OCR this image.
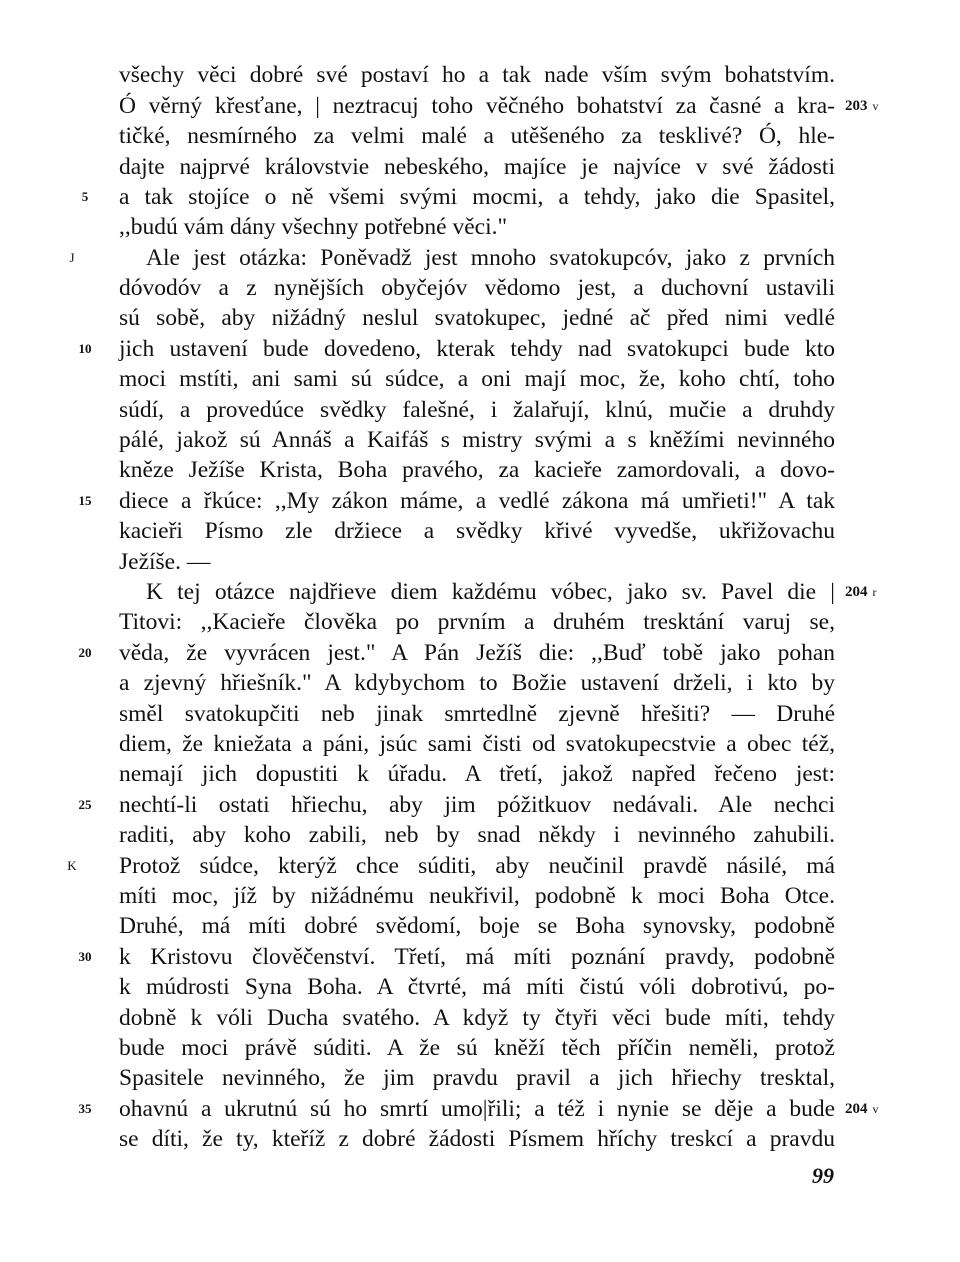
všechy věci dobré své postaví ho a tak nade vším svým bohatstvím.
Ó věrný křesťane, | neztracuj toho věčného bohatství za časné a kra-
tičké, nesmírného za velmi malé a utěšeného za tesklivé? Ó, hle-
dajte najprvé královstvie nebeského, majíce je najvíce v své žádosti
a tak stojíce o ně všemi svými mocmi, a tehdy, jako die Spasitel,
,,budú vám dány všechny potřebné věci."
Ale jest otázka: Poněvadž jest mnoho svatokupcóv, jako z prvních
dóvodóv a z nynějších obyčejóv vědomo jest, a duchovní ustavili
sú sobě, aby nižádný neslul svatokupec, jedné ač před nimi vedlé
jich ustavení bude dovedeno, kterak tehdy nad svatokupci bude kto
moci mstíti, ani sami sú súdce, a oni mají moc, že, koho chtí, toho
súdí, a provedúce svědky falešné, i žalařují, klnú, mučie a druhdy
pálé, jakož sú Annáš a Kaifáš s mistry svými a s kněžími nevinného
kněze Ježíše Krista, Boha pravého, za kacieře zamordovali, a dovo-
diece a řkúce: ,,My zákon máme, a vedlé zákona má umřieti!" A tak
kacieři Písmo zle držiece a svědky křivé vyvedše, ukřižovachu
Ježíše. —
K tej otázce najdřieve diem každému vóbec, jako sv. Pavel die |
Titovi: ,,Kacieře člověka po prvním a druhém tresktání varuj se,
věda, že vyvrácen jest." A Pán Ježíš die: ,,Buď tobě jako pohan
a zjevný hřiešník." A kdybychom to Božie ustavení drželi, i kto by
směl svatokupčiti neb jinak smrtedlně zjevně hřešiti? — Druhé
diem, že kniežata a páni, jsúc sami čisti od svatokupecstvie a obec též,
nemají jich dopustiti k úřadu. A třetí, jakož napřed řečeno jest:
nechtí-li ostati hřiechu, aby jim póžitkuov nedávali. Ale nechci
raditi, aby koho zabili, neb by snad někdy i nevinného zahubili.
Protož súdce, kterýž chce súditi, aby neučinil pravdě násilé, má
míti moc, jíž by nižádnému neukřivil, podobně k moci Boha Otce.
Druhé, má míti dobré svědomí, boje se Boha synovsky, podobně
k Kristovu člověčenství. Třetí, má míti poznání pravdy, podobně
k múdrosti Syna Boha. A čtvrté, má míti čistú vóli dobrotivú, po-
dobně k vóli Ducha svatého. A když ty čtyři věci bude míti, tehdy
bude moci právě súditi. A že sú kněží těch příčin neměli, protož
Spasitele nevinného, že jim pravdu pravil a jich hřiechy tresktal,
ohavnú a ukrutnú sú ho smrtí umo|řili; a též i nynie se děje a bude
se díti, že ty, kteříž z dobré žádosti Písmem hříchy treskcí a pravdu
5
10
15
20
25
30
35
J
K
203 v
204 r
204 v
99
